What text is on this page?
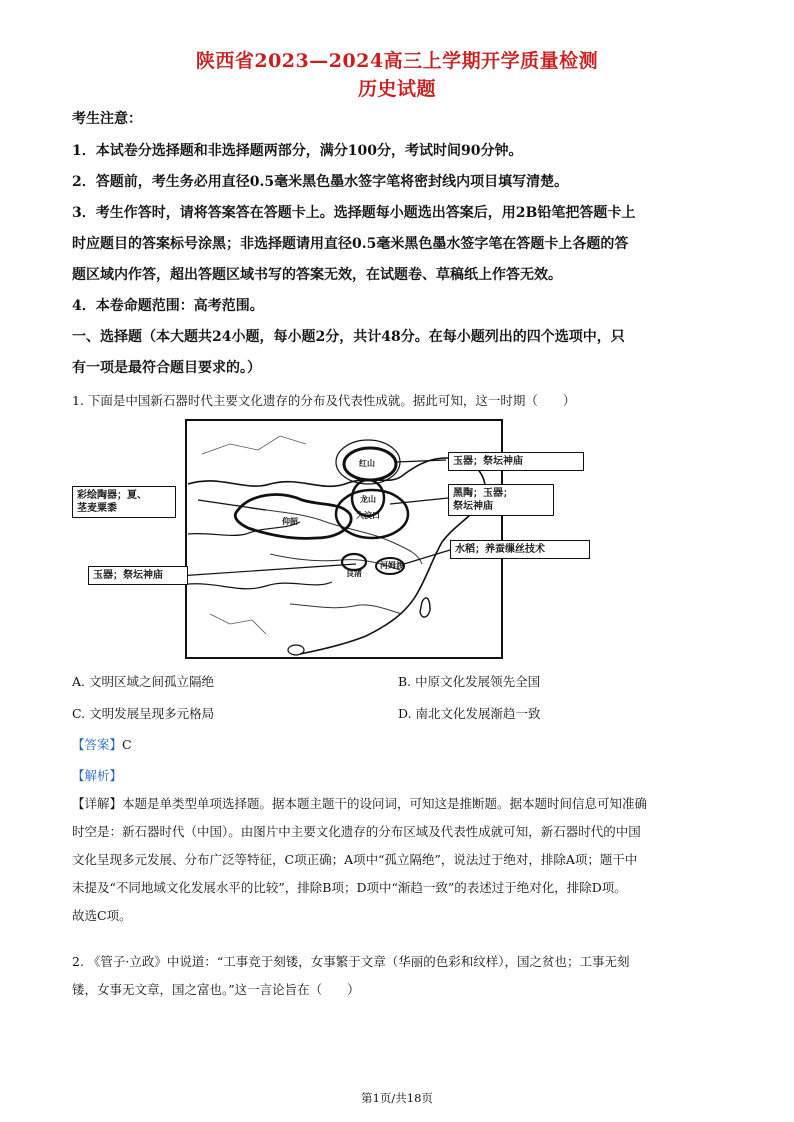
陕西省2023—2024高三上学期开学质量检测
历史试题
考生注意：
1．本试卷分选择题和非选择题两部分，满分100分，考试时间90分钟。
2．答题前，考生务必用直径0.5毫米黑色墨水签字笔将密封线内项目填写清楚。
3．考生作答时，请将答案答在答题卡上。选择题每小题选出答案后，用2B铅笔把答题卡上
时应题目的答案标号涂黑；非选择题请用直径0.5毫米黑色墨水签字笔在答题卡上各题的答
题区域内作答，超出答题区域书写的答案无效，在试题卷、草稿纸上作答无效。
4．本卷命题范围：高考范围。
一、选择题（本大题共24小题，每小题2分，共计48分。在每小题列出的四个选项中，只
有一项是最符合题目要求的。）
1. 下面是中国新石器时代主要文化遗存的分布及代表性成就。据此可知，这一时期（　　）
彩绘陶器；夏、
茎麦粟黍
玉器；祭坛神庙
玉器；祭坛神庙
黑陶；玉器；
祭坛神庙
水稻；养蚕缫丝技术
红山
龙山
大汶口
仰韶
良渚
河姆渡
A. 文明区域之间孤立隔绝	B. 中原文化发展领先全国
C. 文明发展呈现多元格局	D. 南北文化发展渐趋一致
【答案】C
【解析】
【详解】本题是单类型单项选择题。据本题主题干的设问词，可知这是推断题。据本题时间信息可知准确
时空是：新石器时代（中国）。由图片中主要文化遗存的分布区域及代表性成就可知，新石器时代的中国
文化呈现多元发展、分布广泛等特征，C项正确；A项中“孤立隔绝”，说法过于绝对，排除A项；题干中
未提及“不同地域文化发展水平的比较”，排除B项；D项中“渐趋一致”的表述过于绝对化，排除D项。
故选C项。
2. 《管子·立政》中说道：“工事竞于刻镂，女事繁于文章（华丽的色彩和纹样），国之贫也；工事无刻
镂，女事无文章，国之富也。”这一言论旨在（　　）
第1页/共18页
